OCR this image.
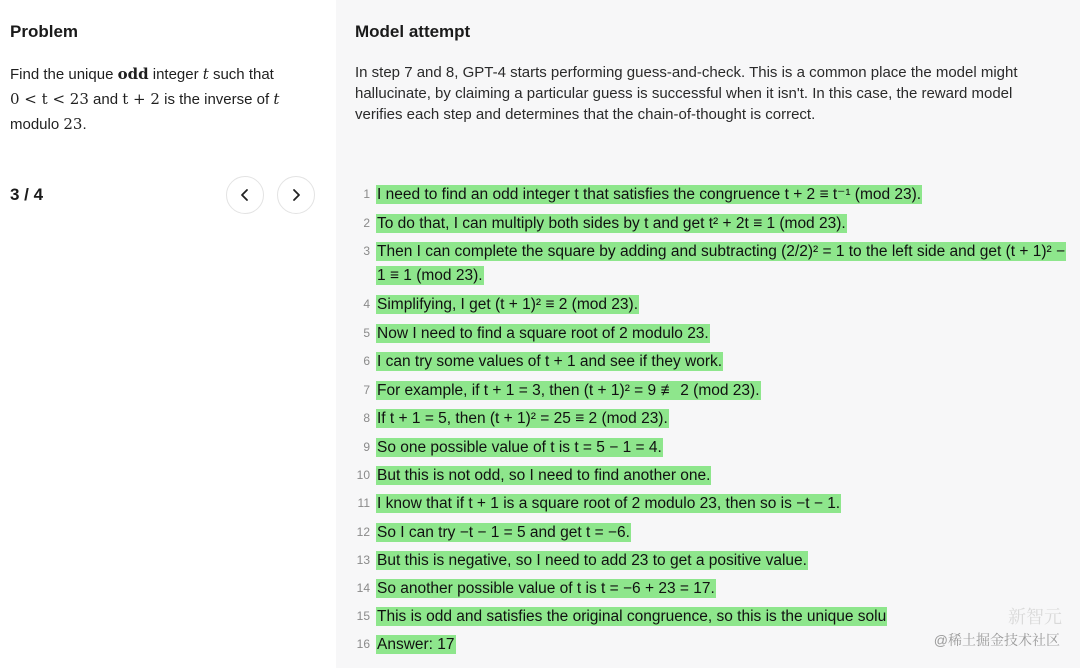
Problem
Find the unique odd integer t such that
0 < t < 23 and t + 2 is the inverse of t
modulo 23.
3 / 4
Model attempt
In step 7 and 8, GPT-4 starts performing guess-and-check. This is a common place the model might hallucinate, by claiming a particular guess is successful when it isn't. In this case, the reward model verifies each step and determines that the chain-of-thought is correct.
1 I need to find an odd integer t that satisfies the congruence t + 2 ≡ t⁻¹ (mod 23).
2 To do that, I can multiply both sides by t and get t² + 2t ≡ 1 (mod 23).
3 Then I can complete the square by adding and subtracting (2/2)² = 1 to the left side and get (t + 1)² − 1 ≡ 1 (mod 23).
4 Simplifying, I get (t + 1)² ≡ 2 (mod 23).
5 Now I need to find a square root of 2 modulo 23.
6 I can try some values of t + 1 and see if they work.
7 For example, if t + 1 = 3, then (t + 1)² = 9 ≢ 2 (mod 23).
8 If t + 1 = 5, then (t + 1)² = 25 ≡ 2 (mod 23).
9 So one possible value of t is t = 5 − 1 = 4.
10 But this is not odd, so I need to find another one.
11 I know that if t + 1 is a square root of 2 modulo 23, then so is −t − 1.
12 So I can try −t − 1 = 5 and get t = −6.
13 But this is negative, so I need to add 23 to get a positive value.
14 So another possible value of t is t = −6 + 23 = 17.
15 This is odd and satisfies the original congruence, so this is the unique solu
16 Answer: 17
新智元
@稀土掘金技术社区
